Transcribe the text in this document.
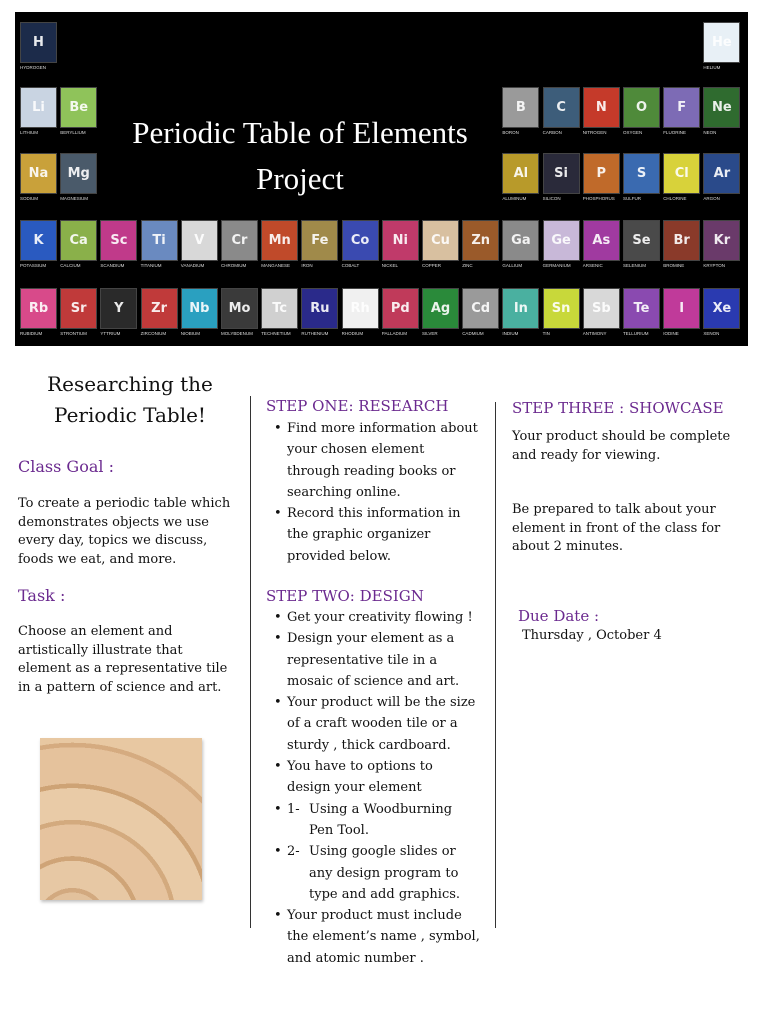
Periodic Table of Elements
Project
H
HYDROGEN
He
HELIUM
Li
LITHIUM
Be
BERYLLIUM
B
BORON
C
CARBON
N
NITROGEN
O
OXYGEN
F
FLUORINE
Ne
NEON
Na
SODIUM
Mg
MAGNESIUM
Al
ALUMINUM
Si
SILICON
P
PHOSPHORUS
S
SULFUR
Cl
CHLORINE
Ar
ARGON
K
POTASSIUM
Ca
CALCIUM
Sc
SCANDIUM
Ti
TITANIUM
V
VANADIUM
Cr
CHROMIUM
Mn
MANGANESE
Fe
IRON
Co
COBALT
Ni
NICKEL
Cu
COPPER
Zn
ZINC
Ga
GALLIUM
Ge
GERMANIUM
As
ARSENIC
Se
SELENIUM
Br
BROMINE
Kr
KRYPTON
Rb
RUBIDIUM
Sr
STRONTIUM
Y
YTTRIUM
Zr
ZIRCONIUM
Nb
NIOBIUM
Mo
MOLYBDENUM
Tc
TECHNETIUM
Ru
RUTHENIUM
Rh
RHODIUM
Pd
PALLADIUM
Ag
SILVER
Cd
CADMIUM
In
INDIUM
Sn
TIN
Sb
ANTIMONY
Te
TELLURIUM
I
IODINE
Xe
XENON
Researching the
Periodic Table!
Class Goal :
To create a periodic table which demonstrates objects we use every day, topics we discuss, foods we eat, and more.
Task :
Choose an element and artistically illustrate that element as a representative tile in a pattern of science and art.
STEP ONE: RESEARCH
• Find more information about your chosen element through reading books or searching online.
• Record this information in the graphic organizer provided below.
STEP TWO: DESIGN
• Get your creativity flowing !
• Design your element as a representative tile in a mosaic of science and art.
• Your product will be the size of a craft wooden tile or a sturdy , thick cardboard.
• You have to options to design your element
• 1- Using a Woodburning Pen Tool.
• 2- Using google slides or any design program to type and add graphics.
• Your product must include the element’s name , symbol, and atomic number .
STEP THREE : SHOWCASE
Your product should be complete and ready for viewing.
Be prepared to talk about your element in front of the class for about 2 minutes.
Due Date :
Thursday , October 4
